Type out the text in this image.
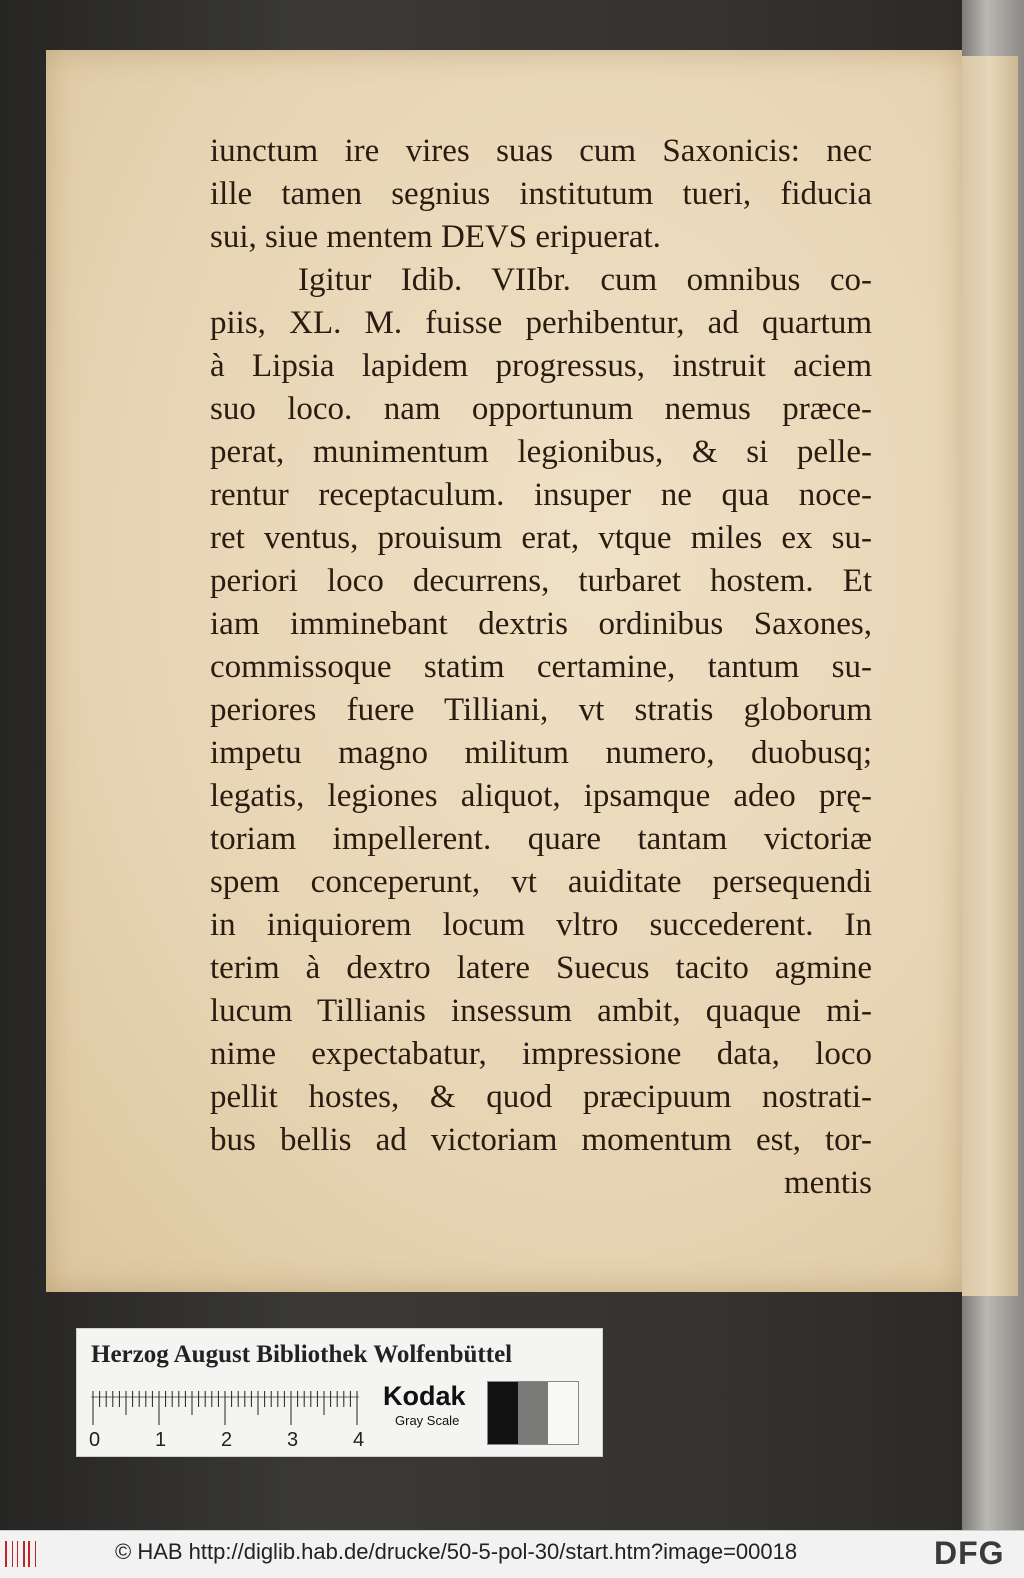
iunctum ire vires suas cum Saxonicis: nec
ille tamen segnius institutum tueri, fiducia
sui, siue mentem DEVS eripuerat.
Igitur Idib. VIIbr. cum omnibus co-
piis, XL. M. fuisse perhibentur, ad quartum
à Lipsia lapidem progressus, instruit aciem
suo loco. nam opportunum nemus præce-
perat, munimentum legionibus, & si pelle-
rentur receptaculum. insuper ne qua noce-
ret ventus, prouisum erat, vtque miles ex su-
periori loco decurrens, turbaret hostem. Et
iam imminebant dextris ordinibus Saxones,
commissoque statim certamine, tantum su-
periores fuere Tilliani, vt stratis globorum
impetu magno militum numero, duobusq;
legatis, legiones aliquot, ipsamque adeo prę-
toriam impellerent. quare tantam victoriæ
spem conceperunt, vt auiditate persequendi
in iniquiorem locum vltro succederent. In
terim à dextro latere Suecus tacito agmine
lucum Tillianis insessum ambit, quaque mi-
nime expectabatur, impressione data, loco
pellit hostes, & quod præcipuum nostrati-
bus bellis ad victoriam momentum est, tor-
mentis
Herzog August Bibliothek Wolfenbüttel
0	1	2	3	4
Kodak
Gray Scale
© HAB http://diglib.hab.de/drucke/50-5-pol-30/start.htm?image=00018	DFG
